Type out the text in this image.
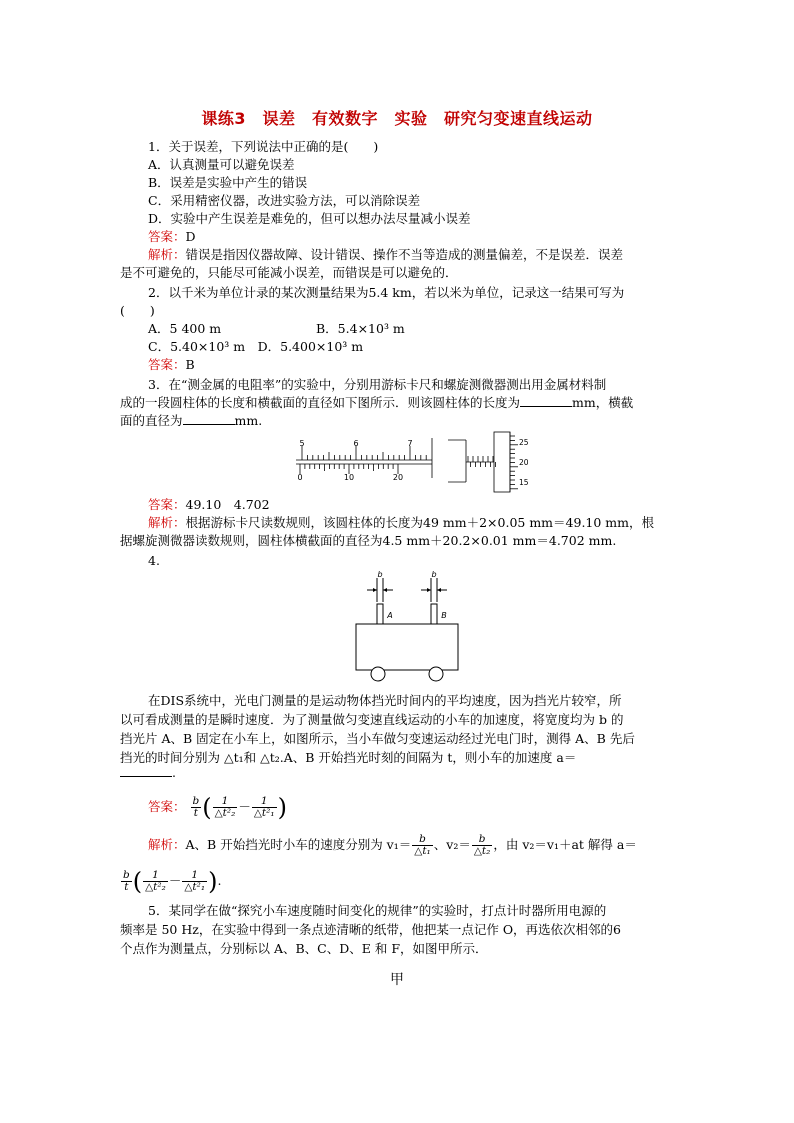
课练3　误差　有效数字　实验　研究匀变速直线运动
1．关于误差，下列说法中正确的是(　　)
A．认真测量可以避免误差
B．误差是实验中产生的错误
C．采用精密仪器，改进实验方法，可以消除误差
D．实验中产生误差是难免的，但可以想办法尽量减小误差
答案：D
解析：错误是指因仪器故障、设计错误、操作不当等造成的测量偏差，不是误差．误差
是不可避免的，只能尽可能减小误差，而错误是可以避免的．
2．以千米为单位计录的某次测量结果为5.4 km，若以米为单位，记录这一结果可写为
(　　)
A．5 400 m	B．5.4×10³ m
C．5.40×10³ m　D．5.400×10³ m
答案：B
3．在“测金属的电阻率”的实验中，分别用游标卡尺和螺旋测微器测出用金属材料制
成的一段圆柱体的长度和横截面的直径如下图所示．则该圆柱体的长度为	mm，横截
面的直径为	mm.
5	6	7
0	10	20
25
20
15
答案：49.10　4.702
解析：根据游标卡尺读数规则，该圆柱体的长度为49 mm＋2×0.05 mm＝49.10 mm，根
据螺旋测微器读数规则，圆柱体横截面的直径为4.5 mm＋20.2×0.01 mm＝4.702 mm.
4.
b	b
A	B
在DIS系统中，光电门测量的是运动物体挡光时间内的平均速度，因为挡光片较窄，所
以可看成测量的是瞬时速度．为了测量做匀变速直线运动的小车的加速度，将宽度均为 b 的
挡光片 A、B 固定在小车上，如图所示，当小车做匀变速运动经过光电门时，测得 A、B 先后
挡光的时间分别为 △t₁和 △t₂.A、B 开始挡光时刻的间隔为 t，则小车的加速度 a＝
.
答案： $\frac{b}{t}$ ( $\frac{1}{\text{△t²₂}} - \frac{1}{\text{△t²₁}}$ )
解析：A、B 开始挡光时小车的速度分别为 $v_1= \frac{b}{\text{△t₁}}$ 、$v_2= \frac{b}{\text{△t₂}}$ ，由 v₂＝v₁＋at 解得 a＝
$\frac{b}{t}$ ( $\frac{1}{\text{△t²₂}} - \frac{1}{\text{△t²₁}}$ ).
5．某同学在做“探究小车速度随时间变化的规律”的实验时，打点计时器所用电源的
频率是 50 Hz，在实验中得到一条点迹清晰的纸带，他把某一点记作 O，再选依次相邻的6
个点作为测量点，分别标以 A、B、C、D、E 和 F，如图甲所示．
甲
